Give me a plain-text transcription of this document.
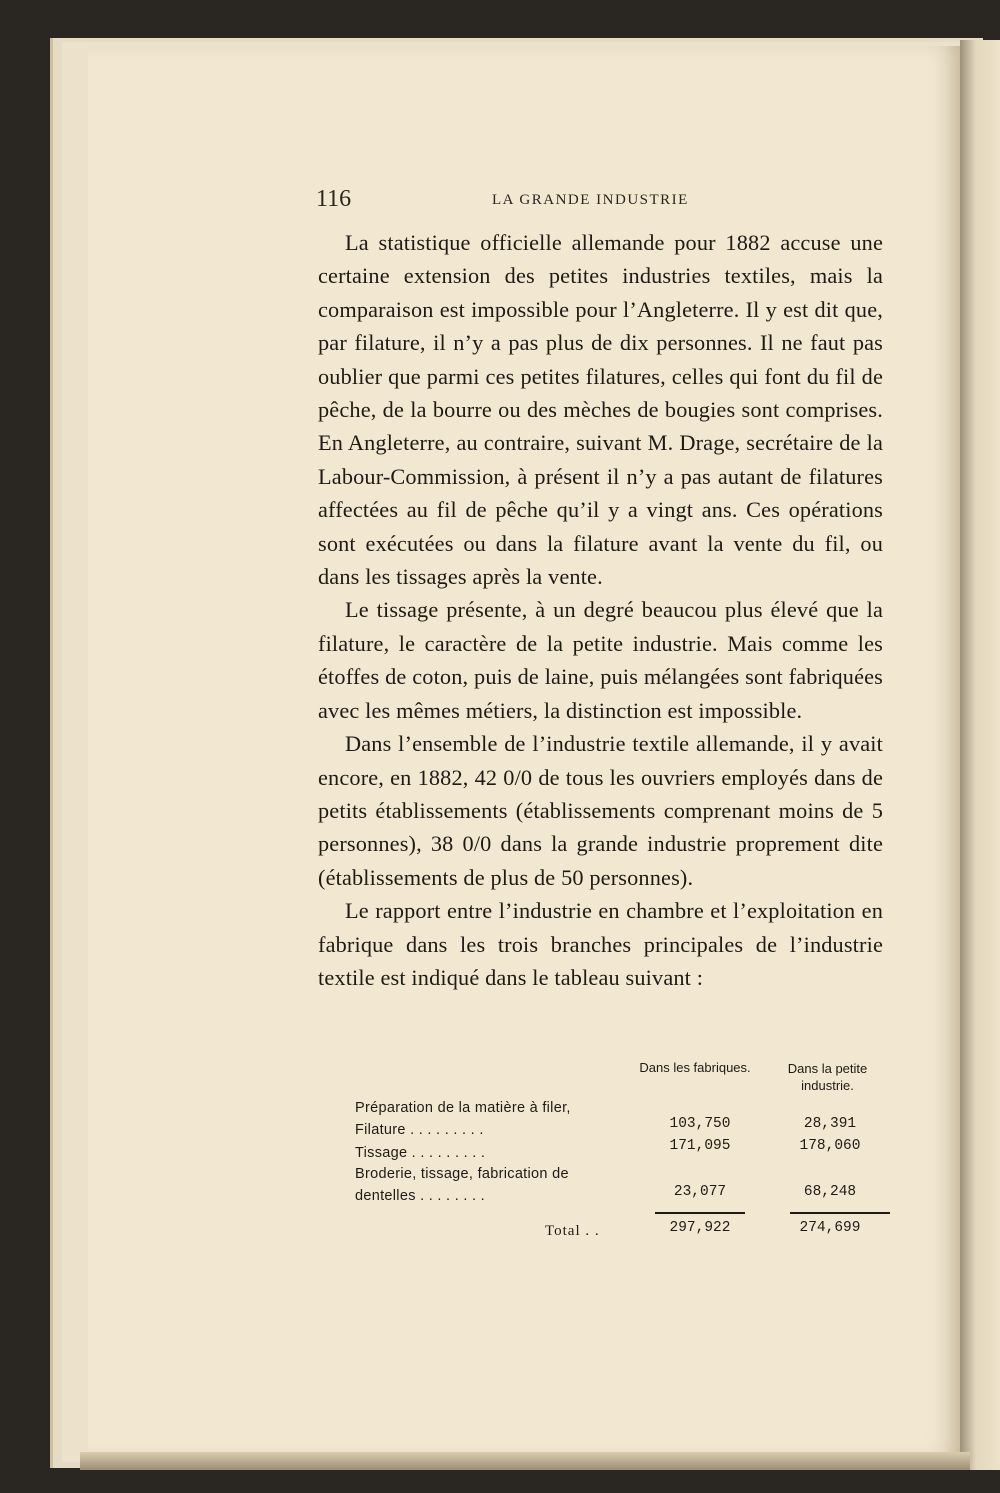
116	LA GRANDE INDUSTRIE

La statistique officielle allemande pour 1882 accuse une certaine extension des petites industries textiles, mais la comparaison est impossible pour l’Angleterre. Il y est dit que, par filature, il n’y a pas plus de dix personnes. Il ne faut pas oublier que parmi ces petites filatures, celles qui font du fil de pêche, de la bourre ou des mèches de bougies sont comprises. En Angleterre, au contraire, suivant M. Drage, secrétaire de la Labour-Commission, à présent il n’y a pas autant de filatures affectées au fil de pêche qu’il y a vingt ans. Ces opérations sont exécutées ou dans la filature avant la vente du fil, ou dans les tissages après la vente.

Le tissage présente, à un degré beaucou plus élevé que la filature, le caractère de la petite industrie. Mais comme les étoffes de coton, puis de laine, puis mélangées sont fabriquées avec les mêmes métiers, la distinction est impossible.

Dans l’ensemble de l’industrie textile allemande, il y avait encore, en 1882, 42 0/0 de tous les ouvriers employés dans de petits établissements (établissements comprenant moins de 5 personnes), 38 0/0 dans la grande industrie proprement dite (établissements de plus de 50 personnes).

Le rapport entre l’industrie en chambre et l’exploitation en fabrique dans les trois branches principales de l’industrie textile est indiqué dans le tableau suivant :

Dans les fabriques.	Dans la petite
industrie.
Préparation de la matière à filer,
Filature . . . . . . . . .	103,750	28,391
Tissage . . . . . . . . .	171,095	178,060
Broderie, tissage, fabrication de
dentelles . . . . . . . .	23,077	68,248
Total . .	297,922	274,699
